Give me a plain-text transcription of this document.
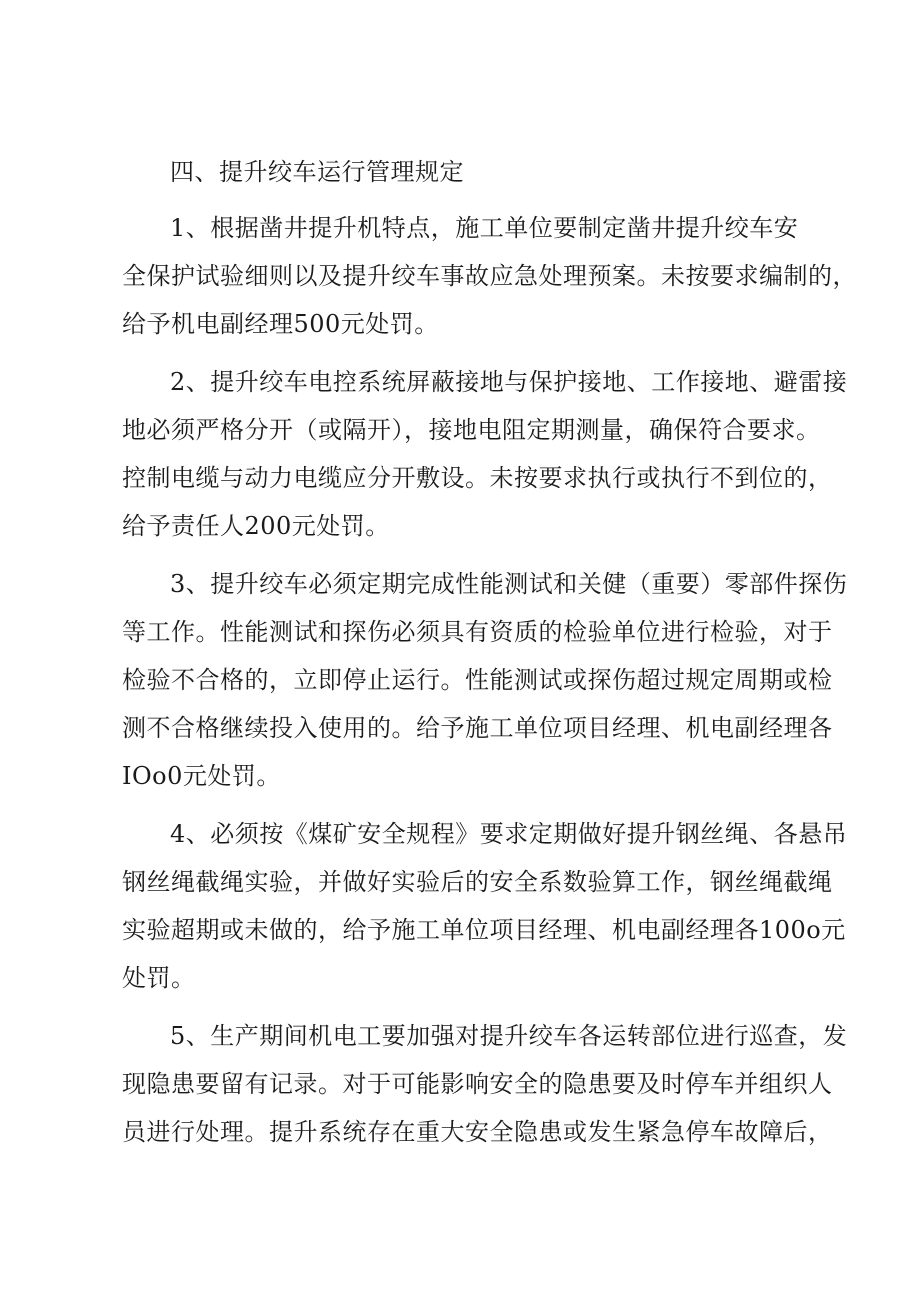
四、提升绞车运行管理规定
1、根据凿井提升机特点，施工单位要制定凿井提升绞车安
全保护试验细则以及提升绞车事故应急处理预案。未按要求编制的，
给予机电副经理500元处罚。
2、提升绞车电控系统屏蔽接地与保护接地、工作接地、避雷接
地必须严格分开（或隔开），接地电阻定期测量，确保符合要求。
控制电缆与动力电缆应分开敷设。未按要求执行或执行不到位的，
给予责任人200元处罚。
3、提升绞车必须定期完成性能测试和关健（重要）零部件探伤
等工作。性能测试和探伤必须具有资质的检验单位进行检验，对于
检验不合格的，立即停止运行。性能测试或探伤超过规定周期或检
测不合格继续投入使用的。给予施工单位项目经理、机电副经理各
IOo0元处罚。
4、必须按《煤矿安全规程》要求定期做好提升钢丝绳、各悬吊
钢丝绳截绳实验，并做好实验后的安全系数验算工作，钢丝绳截绳
实验超期或未做的，给予施工单位项目经理、机电副经理各100o元
处罚。
5、生产期间机电工要加强对提升绞车各运转部位进行巡查，发
现隐患要留有记录。对于可能影响安全的隐患要及时停车并组织人
员进行处理。提升系统存在重大安全隐患或发生紧急停车故障后，
